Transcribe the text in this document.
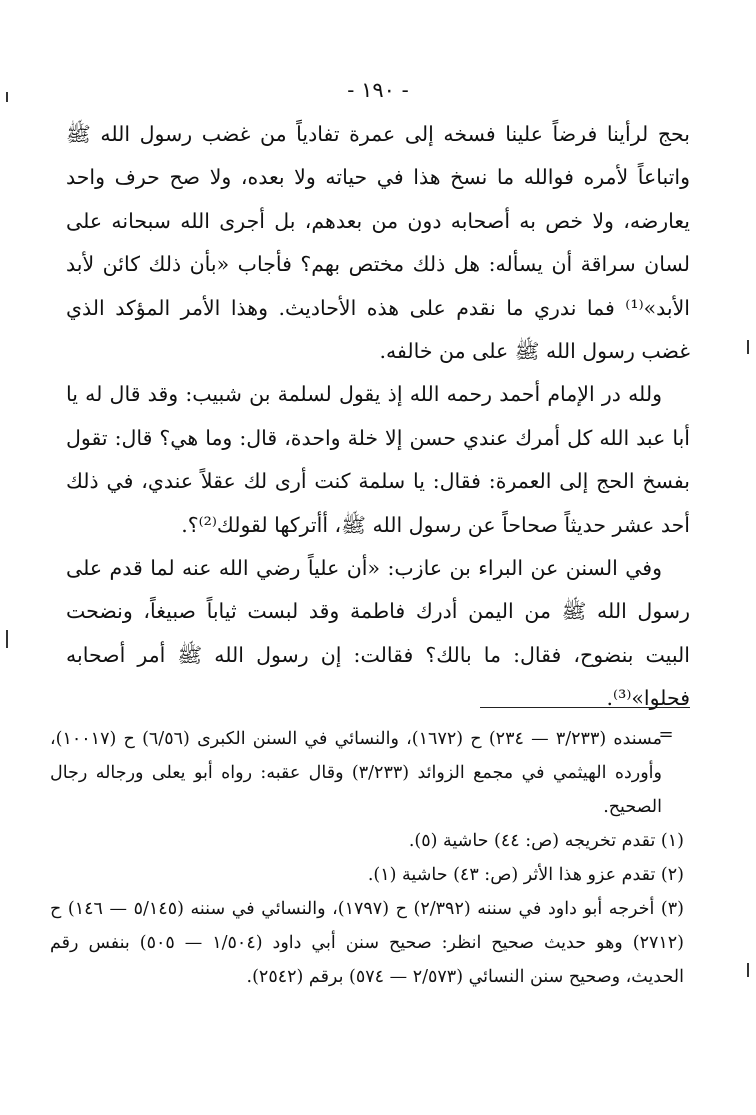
- ١٩٠ -

بحج لرأينا فرضاً علينا فسخه إلى عمرة تفادياً من غضب رسول الله ﷺ واتباعاً لأمره فوالله ما نسخ هذا في حياته ولا بعده، ولا صح حرف واحد يعارضه، ولا خص به أصحابه دون من بعدهم، بل أجرى الله سبحانه على لسان سراقة أن يسأله: هل ذلك مختص بهم؟ فأجاب «بأن ذلك كائن لأبد الأبد»⁽¹⁾ فما ندري ما نقدم على هذه الأحاديث. وهذا الأمر المؤكد الذي غضب رسول الله ﷺ على من خالفه.

ولله در الإمام أحمد رحمه الله إذ يقول لسلمة بن شبيب: وقد قال له يا أبا عبد الله كل أمرك عندي حسن إلا خلة واحدة، قال: وما هي؟ قال: تقول بفسخ الحج إلى العمرة: فقال: يا سلمة كنت أرى لك عقلاً عندي، في ذلك أحد عشر حديثاً صحاحاً عن رسول الله ﷺ، أأتركها لقولك⁽²⁾؟.

وفي السنن عن البراء بن عازب: «أن علياً رضي الله عنه لما قدم على رسول الله ﷺ من اليمن أدرك فاطمة وقد لبست ثياباً صبيغاً، ونضحت البيت بنضوح، فقال: ما بالك؟ فقالت: إن رسول الله ﷺ أمر أصحابه فحلوا»⁽³⁾.

مسنده (٣/٢٣٣ — ٢٣٤) ح (١٦٧٢)، والنسائي في السنن الكبرى (٦/٥٦) ح (١٠٠١٧)، وأورده الهيثمي في مجمع الزوائد (٣/٢٣٣) وقال عقبه: رواه أبو يعلى ورجاله رجال الصحيح.

(١) تقدم تخريجه (ص: ٤٤) حاشية (٥).

(٢) تقدم عزو هذا الأثر (ص: ٤٣) حاشية (١).

(٣) أخرجه أبو داود في سننه (٢/٣٩٢) ح (١٧٩٧)، والنسائي في سننه (٥/١٤٥ — ١٤٦) ح (٢٧١٢) وهو حديث صحيح انظر: صحيح سنن أبي داود (١/٥٠٤ — ٥٠٥) بنفس رقم الحديث، وصحيح سنن النسائي (٢/٥٧٣ — ٥٧٤) برقم (٢٥٤٢).

=
